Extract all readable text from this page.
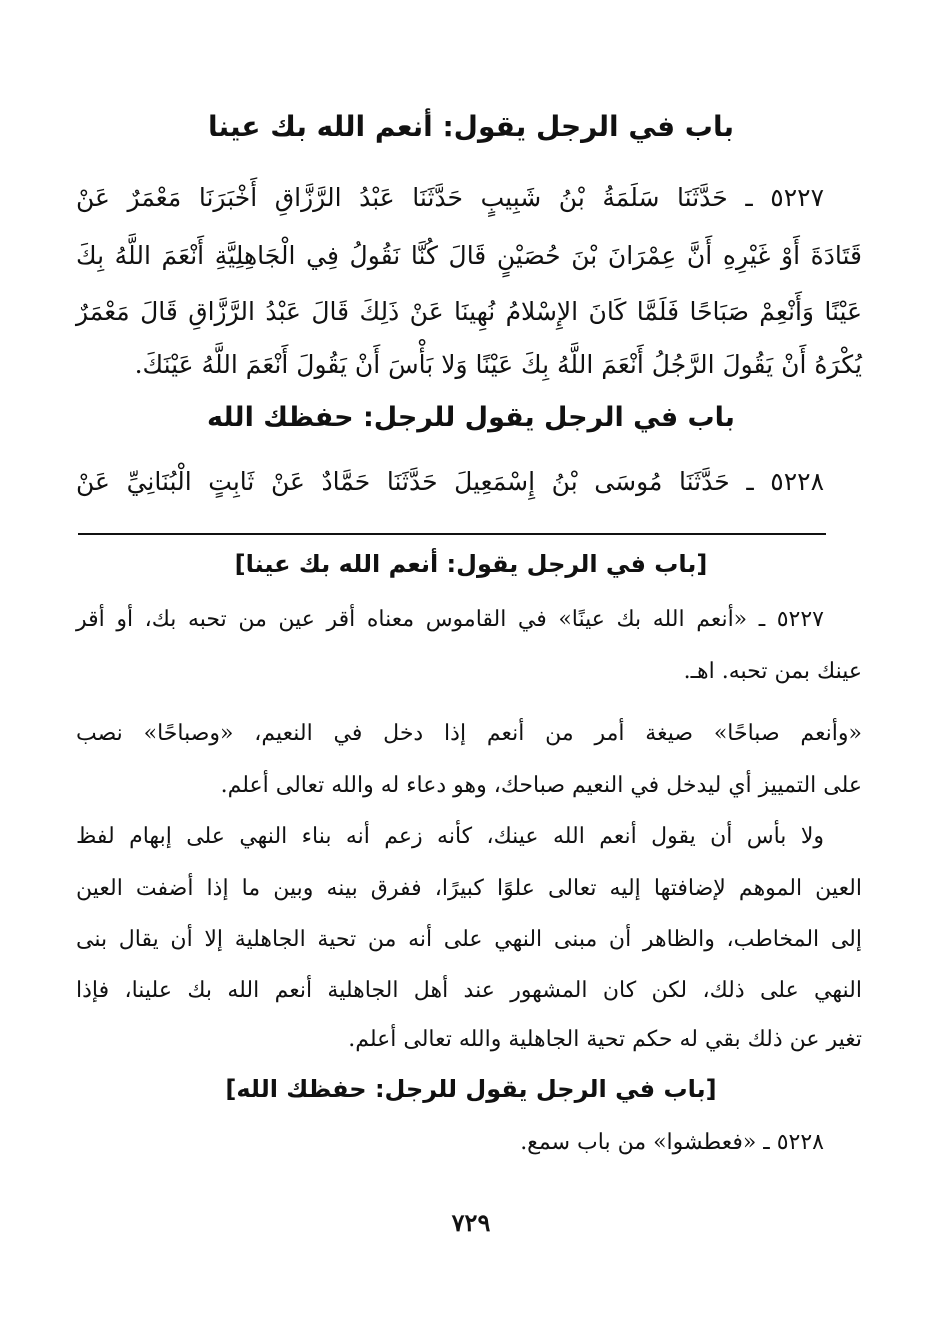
باب في الرجل يقول: أنعم الله بك عينا
٥٢٢٧ ـ حَدَّثَنَا سَلَمَةُ بْنُ شَبِيبٍ حَدَّثَنَا عَبْدُ الرَّزَّاقِ أَخْبَرَنَا مَعْمَرٌ عَنْ
قَتَادَةَ أَوْ غَيْرِهِ أَنَّ عِمْرَانَ بْنَ حُصَيْنٍ قَالَ كُنَّا نَقُولُ فِي الْجَاهِلِيَّةِ أَنْعَمَ اللَّهُ بِكَ
عَيْنًا وَأَنْعِمْ صَبَاحًا فَلَمَّا كَانَ الإِسْلامُ نُهِينَا عَنْ ذَلِكَ قَالَ عَبْدُ الرَّزَّاقِ قَالَ مَعْمَرٌ
يُكْرَهُ أَنْ يَقُولَ الرَّجُلُ أَنْعَمَ اللَّهُ بِكَ عَيْنًا وَلا بَأْسَ أَنْ يَقُولَ أَنْعَمَ اللَّهُ عَيْنَكَ.
باب في الرجل يقول للرجل: حفظك الله
٥٢٢٨ ـ حَدَّثَنَا مُوسَى بْنُ إِسْمَعِيلَ حَدَّثَنَا حَمَّادٌ عَنْ ثَابِتٍ الْبُنَانِيِّ عَنْ
[باب في الرجل يقول: أنعم الله بك عينا]
٥٢٢٧ ـ «أنعم الله بك عينًا» في القاموس معناه أقر عين من تحبه بك، أو أقر
عينك بمن تحبه. اهـ.
«وأنعم صباحًا» صيغة أمر من أنعم إذا دخل في النعيم، «وصباحًا» نصب
على التمييز أي ليدخل في النعيم صباحك، وهو دعاء له والله تعالى أعلم.
ولا بأس أن يقول أنعم الله عينك، كأنه زعم أنه بناء النهي على إبهام لفظ
العين الموهم لإضافتها إليه تعالى علوًا كبيرًا، ففرق بينه وبين ما إذا أضفت العين
إلى المخاطب، والظاهر أن مبنى النهي على أنه من تحية الجاهلية إلا أن يقال بنى
النهي على ذلك، لكن كان المشهور عند أهل الجاهلية أنعم الله بك علينا، فإذا
تغير عن ذلك بقي له حكم تحية الجاهلية والله تعالى أعلم.
[باب في الرجل يقول للرجل: حفظك الله]
٥٢٢٨ ـ «فعطشوا» من باب سمع.
٧٢٩
